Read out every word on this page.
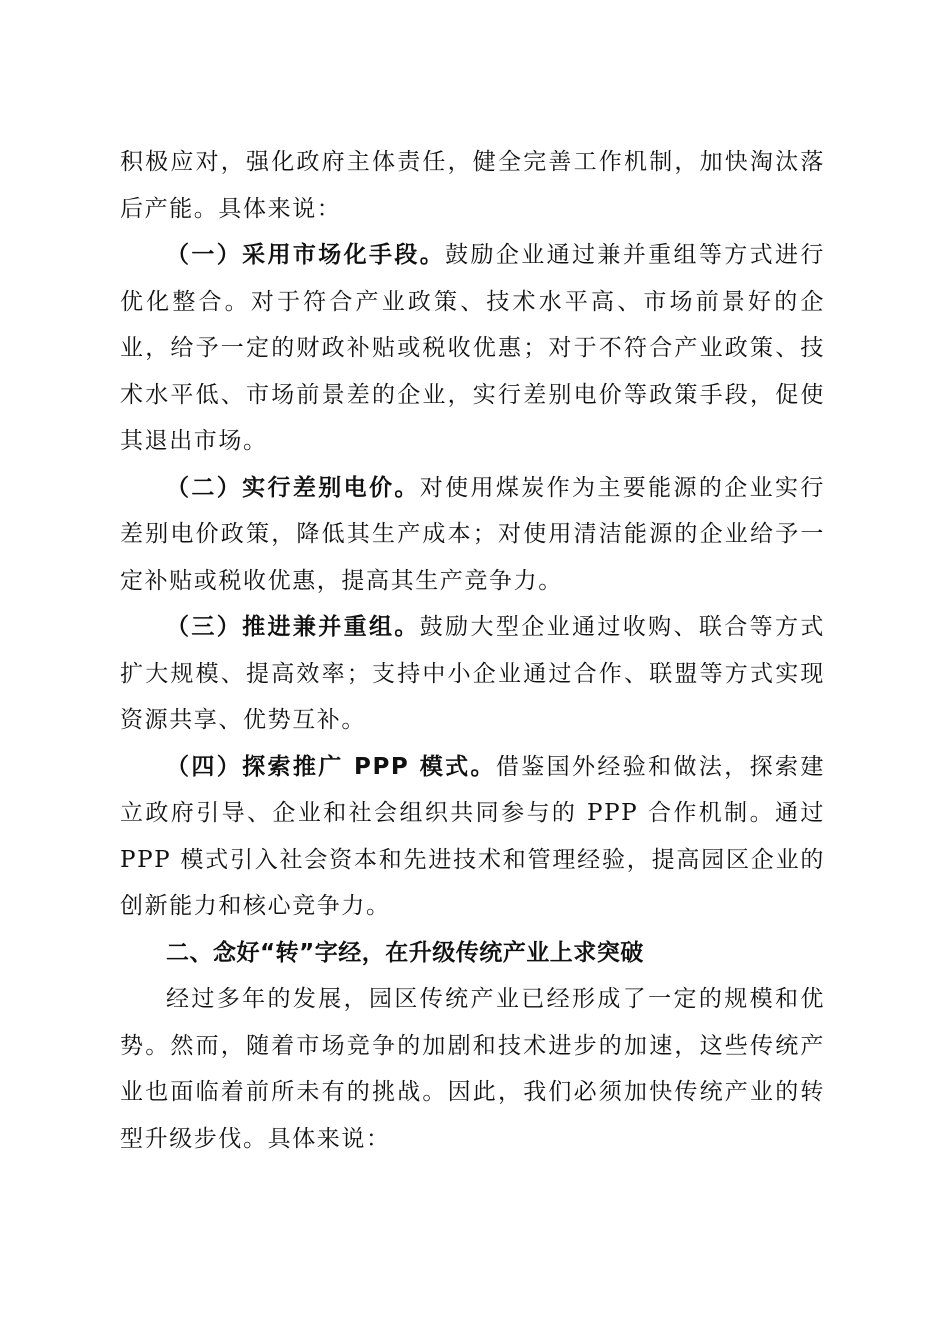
积极应对，强化政府主体责任，健全完善工作机制，加快淘汰落后产能。具体来说：

（一）采用市场化手段。鼓励企业通过兼并重组等方式进行优化整合。对于符合产业政策、技术水平高、市场前景好的企业，给予一定的财政补贴或税收优惠；对于不符合产业政策、技术水平低、市场前景差的企业，实行差别电价等政策手段，促使其退出市场。

（二）实行差别电价。对使用煤炭作为主要能源的企业实行差别电价政策，降低其生产成本；对使用清洁能源的企业给予一定补贴或税收优惠，提高其生产竞争力。

（三）推进兼并重组。鼓励大型企业通过收购、联合等方式扩大规模、提高效率；支持中小企业通过合作、联盟等方式实现资源共享、优势互补。

（四）探索推广 PPP 模式。借鉴国外经验和做法，探索建立政府引导、企业和社会组织共同参与的 PPP 合作机制。通过 PPP 模式引入社会资本和先进技术和管理经验，提高园区企业的创新能力和核心竞争力。

二、念好“转”字经，在升级传统产业上求突破

经过多年的发展，园区传统产业已经形成了一定的规模和优势。然而，随着市场竞争的加剧和技术进步的加速，这些传统产业也面临着前所未有的挑战。因此，我们必须加快传统产业的转型升级步伐。具体来说：
